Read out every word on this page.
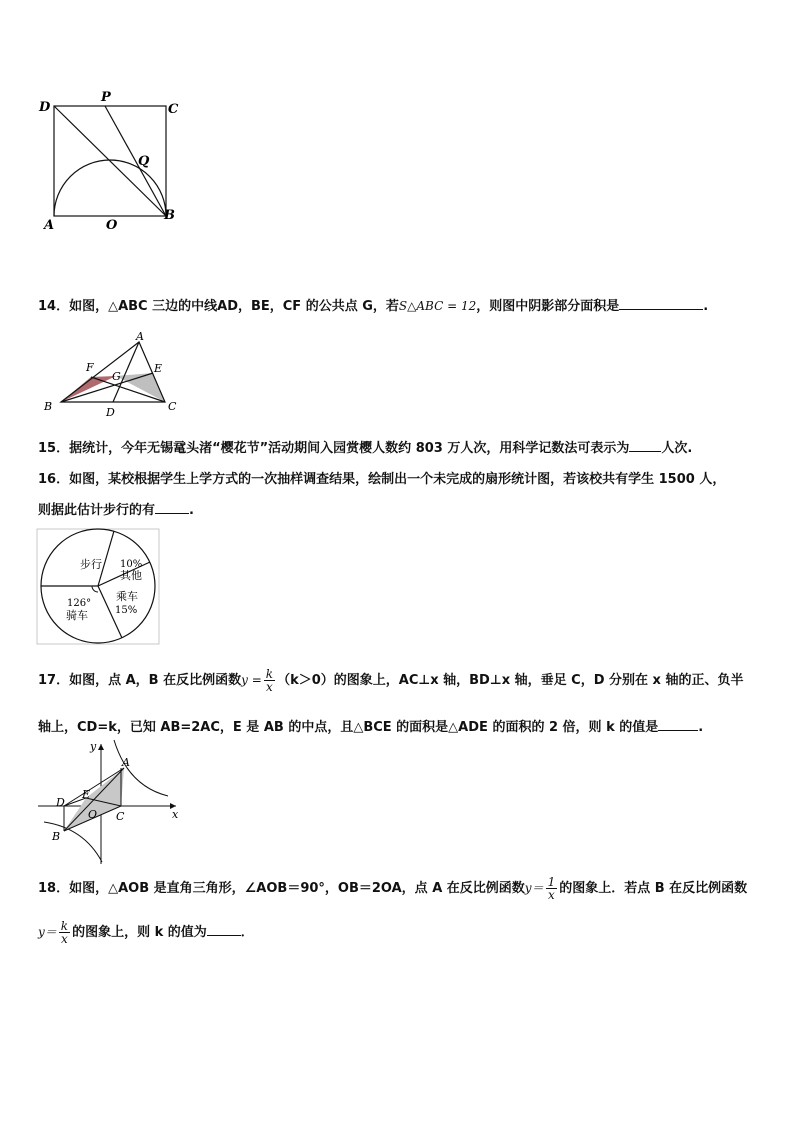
D
P
C
Q
A	O
B
14．如图，△ABC 三边的中线AD，BE，CF 的公共点 G，若S△ABC = 12，则图中阴影部分面积是	.
A
F	E
G
B	D	C
15．据统计，今年无锡鼋头渚“樱花节”活动期间入园赏樱人数约 803 万人次，用科学记数法可表示为 人次.
16．如图，某校根据学生上学方式的一次抽样调查结果，绘制出一个未完成的扇形统计图，若该校共有学生 1500 人，
则据此估计步行的有	.
步行 10%
其他
126°
骑车
乘车
15%
17．如图，点 A，B 在反比例函数$y = \frac{k}{x} (k>0)$的图象上，AC⊥x 轴，BD⊥x 轴，垂足 C，D 分别在 x 轴的正、负半
轴上，CD=k，已知 AB=2AC，E 是 AB 的中点，且△BCE 的面积是△ADE 的面积的 2 倍，则 k 的值是	.
y
A
D
E
O C	x
B
18．如图，△AOB 是直角三角形，∠AOB＝90°，OB＝2OA，点 A 在反比例函数$y= \frac{1}{x}$ 的图象上．若点 B 在反比例函数
$y= \frac{k}{x}$ 的图象上，则 k 的值为	．
